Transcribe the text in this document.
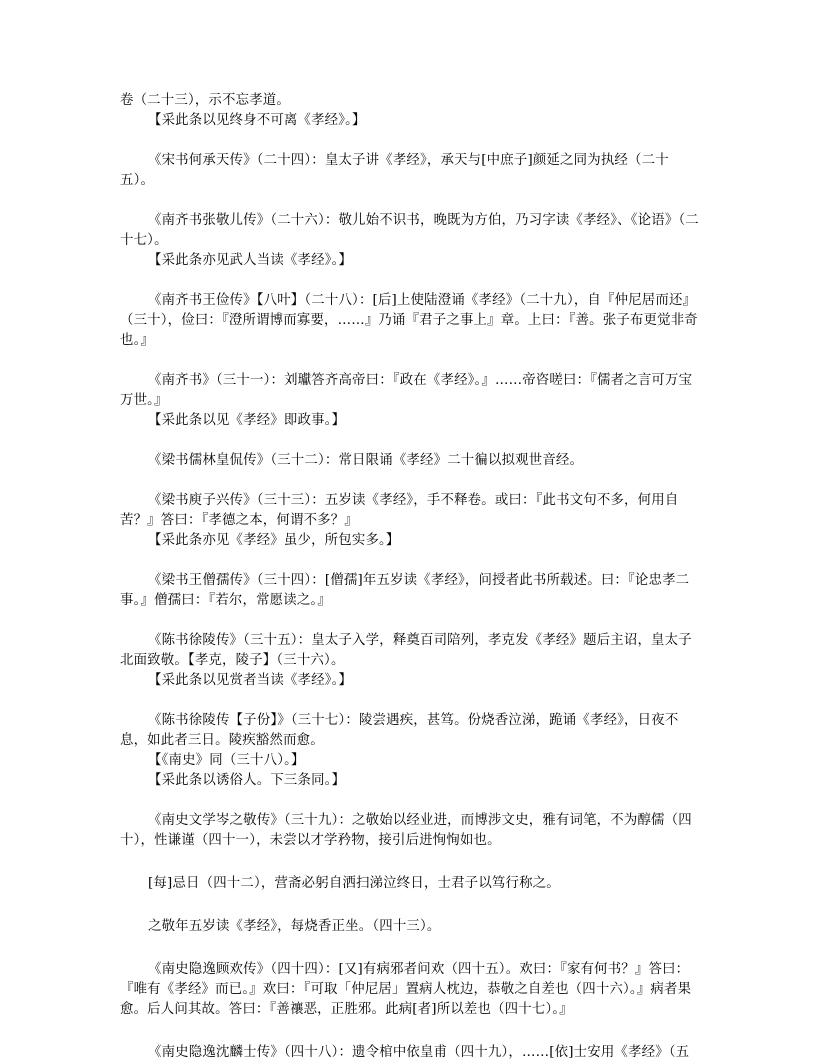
卷（二十三），示不忘孝道。

【采此条以见终身不可离《孝经》。】

《宋书何承天传》（二十四）：皇太子讲《孝经》，承天与[中庶子]颜延之同为执经（二十五）。

《南齐书张敬儿传》（二十六）：敬儿始不识书，晚既为方伯，乃习字读《孝经》、《论语》（二十七）。

【采此条亦见武人当读《孝经》。】

《南齐书王俭传》【八叶】（二十八）：[后]上使陆澄诵《孝经》（二十九），自『仲尼居而还』（三十），俭曰：『澄所谓博而寡要，……』乃诵『君子之事上』章。上曰：『善。张子布更觉非奇也。』

《南齐书》（三十一）：刘瓛答齐高帝曰：『政在《孝经》。』……帝咨嗟曰：『儒者之言可万宝万世。』

【采此条以见《孝经》即政事。】

《梁书儒林皇侃传》（三十二）：常日限诵《孝经》二十徧以拟观世音经。

《梁书庾子兴传》（三十三）：五岁读《孝经》，手不释卷。或曰：『此书文句不多，何用自苦？』答曰：『孝德之本，何谓不多？』

【采此条亦见《孝经》虽少，所包实多。】

《梁书王僧孺传》（三十四）：[僧孺]年五岁读《孝经》，问授者此书所载述。曰：『论忠孝二事。』僧孺曰：『若尔，常愿读之。』

《陈书徐陵传》（三十五）：皇太子入学，释奠百司陪列，孝克发《孝经》题后主诏，皇太子北面致敬。【孝克，陵子】（三十六）。

【采此条以见赏者当读《孝经》。】

《陈书徐陵传【子份】》（三十七）：陵尝遇疾，甚笃。份烧香泣涕，跪诵《孝经》，日夜不息，如此者三日。陵疾豁然而愈。

【《南史》同（三十八）。】

【采此条以诱俗人。下三条同。】

《南史文学岑之敬传》（三十九）：之敬始以经业进，而博涉文史，雅有词笔，不为醇儒（四十），性谦谨（四十一），未尝以才学矜物，接引后进恂恂如也。

[每]忌日（四十二），营斋必躬自洒扫涕泣终日，士君子以笃行称之。

之敬年五岁读《孝经》，每烧香正坐。（四十三）。

《南史隐逸顾欢传》（四十四）：[又]有病邪者问欢（四十五）。欢曰：『家有何书？』答曰：『唯有《孝经》而已。』欢曰：『可取「仲尼居」置病人枕边，恭敬之自差也（四十六）。』病者果愈。后人问其故。答曰：『善禳恶，正胜邪。此病[者]所以差也（四十七）。』

《南史隐逸沈麟士传》（四十八）：遗令棺中依皇甫（四十九），……[依]士安用《孝经》（五
